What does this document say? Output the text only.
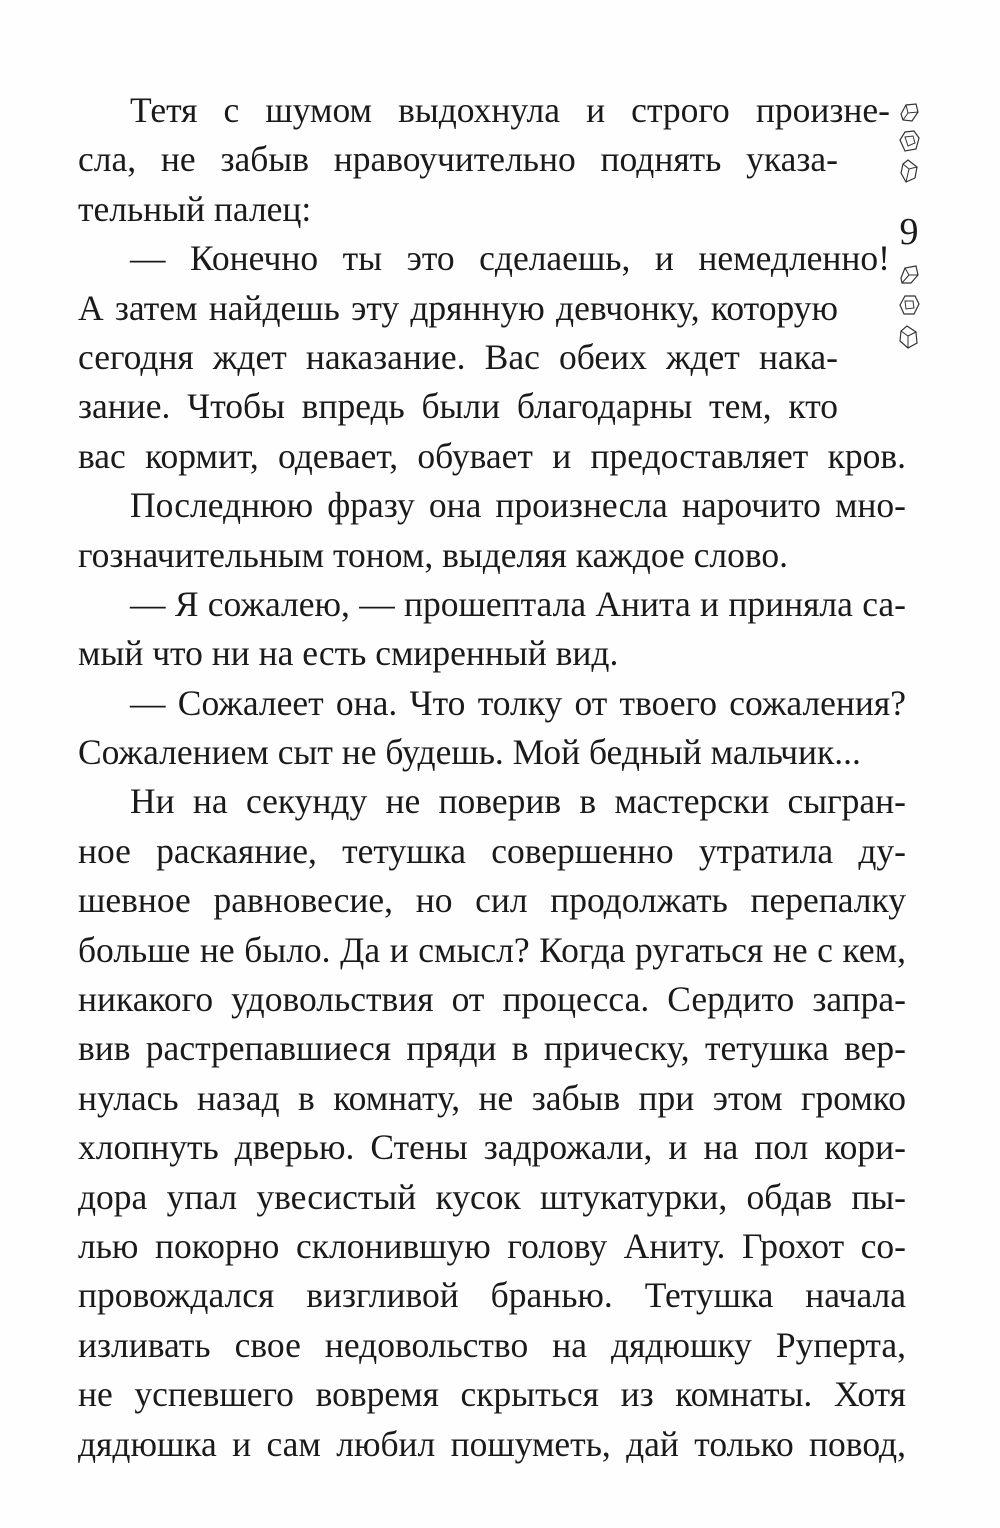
Тетя с шумом выдохнула и строго произне-
сла, не забыв нравоучительно поднять указа-
тельный палец:
— Конечно ты это сделаешь, и немедленно!
А затем найдешь эту дрянную девчонку, которую
сегодня ждет наказание. Вас обеих ждет нака-
зание. Чтобы впредь были благодарны тем, кто
вас кормит, одевает, обувает и предоставляет кров.
Последнюю фразу она произнесла нарочито мно-
гозначительным тоном, выделяя каждое слово.
— Я сожалею, — прошептала Анита и приняла са-
мый что ни на есть смиренный вид.
— Сожалеет она. Что толку от твоего сожаления?
Сожалением сыт не будешь. Мой бедный мальчик...
Ни на секунду не поверив в мастерски сыгран-
ное раскаяние, тетушка совершенно утратила ду-
шевное равновесие, но сил продолжать перепалку
больше не было. Да и смысл? Когда ругаться не с кем,
никакого удовольствия от процесса. Сердито запра-
вив растрепавшиеся пряди в прическу, тетушка вер-
нулась назад в комнату, не забыв при этом громко
хлопнуть дверью. Стены задрожали, и на пол кори-
дора упал увесистый кусок штукатурки, обдав пы-
лью покорно склонившую голову Аниту. Грохот со-
провождался визгливой бранью. Тетушка начала
изливать свое недовольство на дядюшку Руперта,
не успевшего вовремя скрыться из комнаты. Хотя
дядюшка и сам любил пошуметь, дай только повод,
9
